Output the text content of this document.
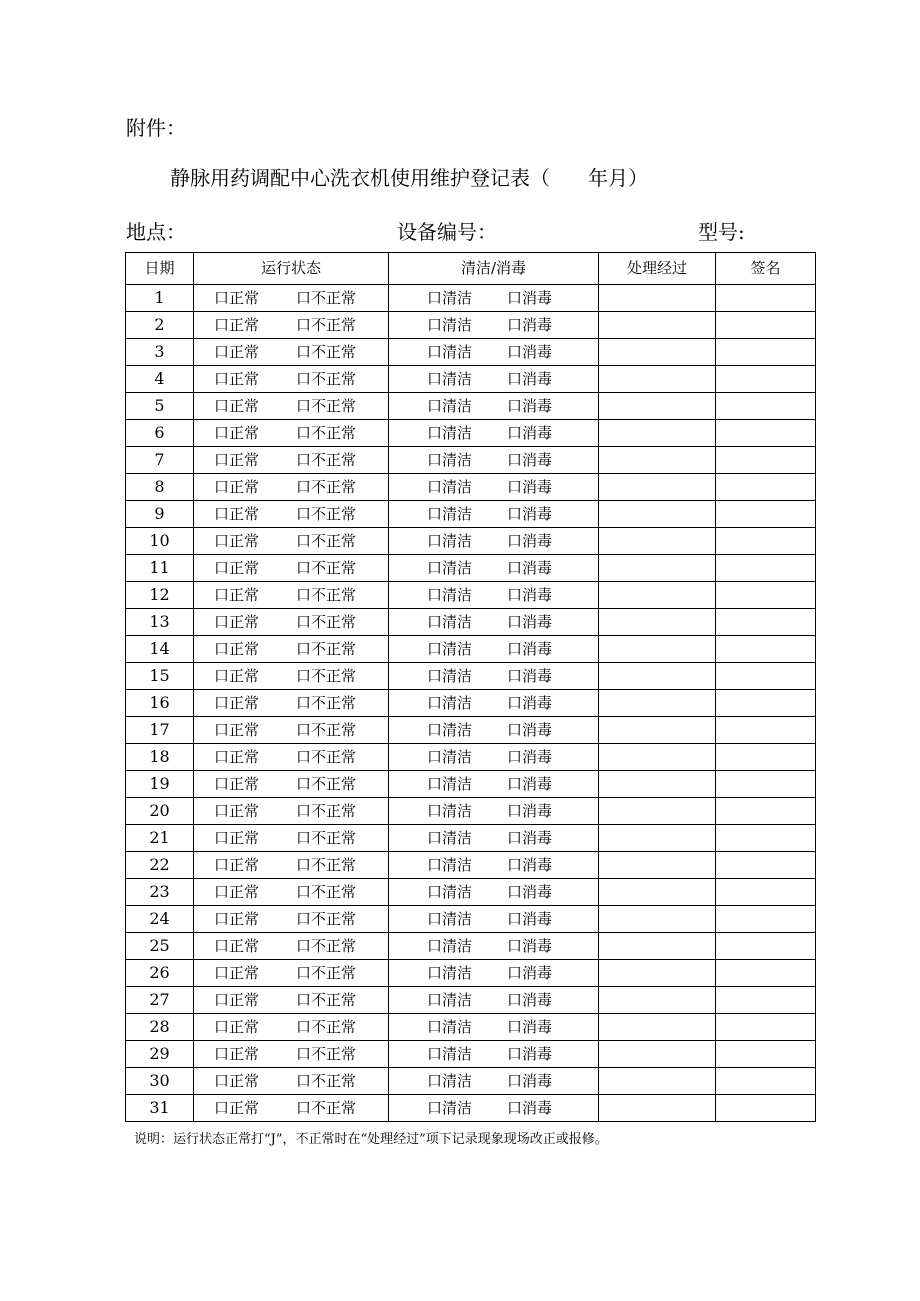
附件：
静脉用药调配中心洗衣机使用维护登记表（      年月）
地点：	设备编号：	型号:
日期	运行状态	清洁/消毒	处理经过	签名
1	口正常 口不正常	口清洁 口消毒		
2	口正常 口不正常	口清洁 口消毒		
3	口正常 口不正常	口清洁 口消毒		
4	口正常 口不正常	口清洁 口消毒		
5	口正常 口不正常	口清洁 口消毒		
6	口正常 口不正常	口清洁 口消毒		
7	口正常 口不正常	口清洁 口消毒		
8	口正常 口不正常	口清洁 口消毒		
9	口正常 口不正常	口清洁 口消毒		
10	口正常 口不正常	口清洁 口消毒		
11	口正常 口不正常	口清洁 口消毒		
12	口正常 口不正常	口清洁 口消毒		
13	口正常 口不正常	口清洁 口消毒		
14	口正常 口不正常	口清洁 口消毒		
15	口正常 口不正常	口清洁 口消毒		
16	口正常 口不正常	口清洁 口消毒		
17	口正常 口不正常	口清洁 口消毒		
18	口正常 口不正常	口清洁 口消毒		
19	口正常 口不正常	口清洁 口消毒		
20	口正常 口不正常	口清洁 口消毒		
21	口正常 口不正常	口清洁 口消毒		
22	口正常 口不正常	口清洁 口消毒		
23	口正常 口不正常	口清洁 口消毒		
24	口正常 口不正常	口清洁 口消毒		
25	口正常 口不正常	口清洁 口消毒		
26	口正常 口不正常	口清洁 口消毒		
27	口正常 口不正常	口清洁 口消毒		
28	口正常 口不正常	口清洁 口消毒		
29	口正常 口不正常	口清洁 口消毒		
30	口正常 口不正常	口清洁 口消毒		
31	口正常 口不正常	口清洁 口消毒		
说明：运行状态正常打“J”，不正常时在“处理经过”项下记录现象现场改正或报修。
